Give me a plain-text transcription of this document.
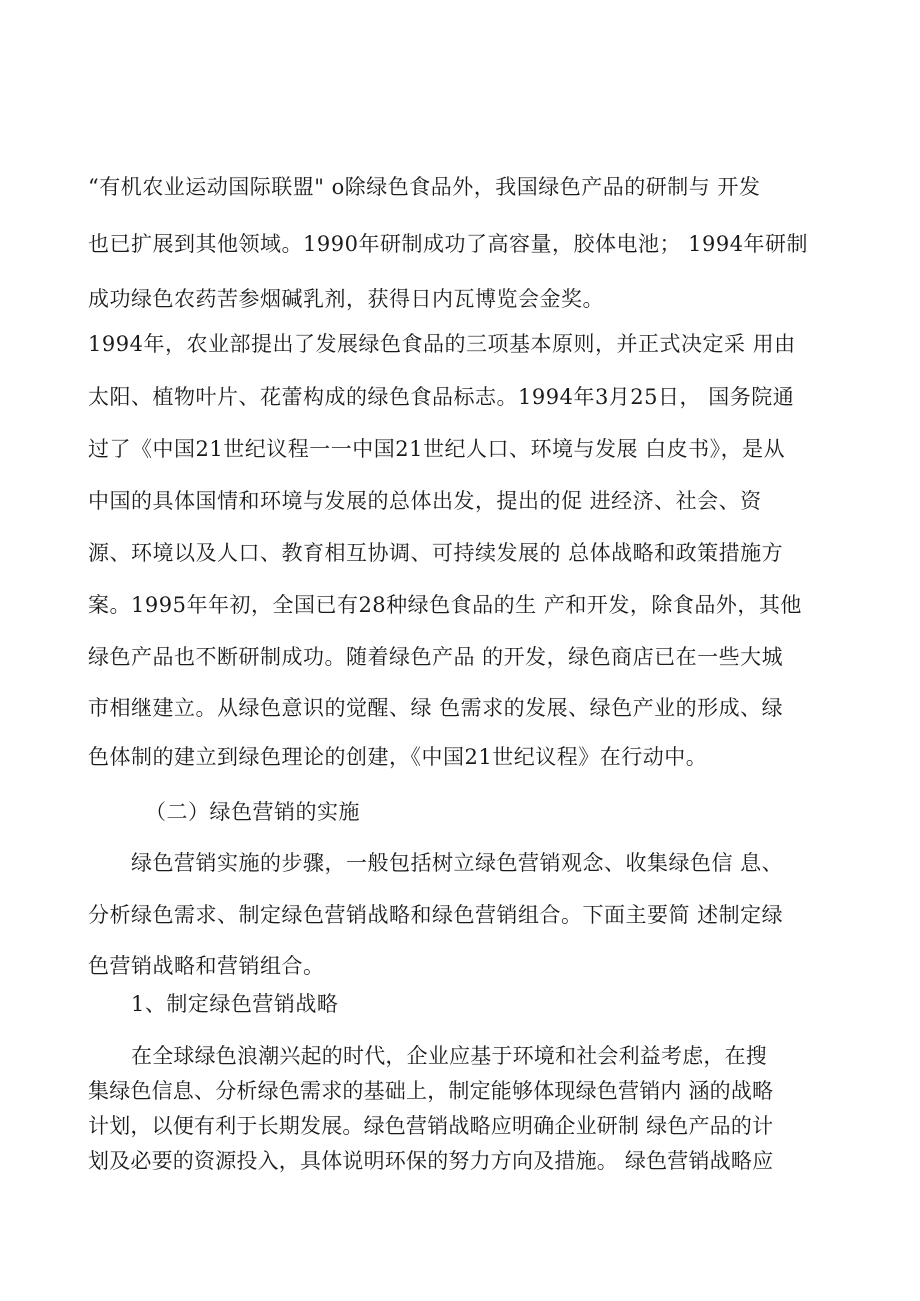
“有机农业运动国际联盟" o除绿色食品外，我国绿色产品的研制与 开发
也已扩展到其他领域。1990年研制成功了高容量，胶体电池； 1994年研制
成功绿色农药苦参烟碱乳剂，获得日内瓦博览会金奖。
1994年，农业部提出了发展绿色食品的三项基本原则，并正式决定采 用由
太阳、植物叶片、花蕾构成的绿色食品标志。1994年3月25日， 国务院通
过了《中国21世纪议程一一中国21世纪人口、环境与发展 白皮书》，是从
中国的具体国情和环境与发展的总体出发，提出的促 进经济、社会、资
源、环境以及人口、教育相互协调、可持续发展的 总体战略和政策措施方
案。1995年年初，全国已有28种绿色食品的生 产和开发，除食品外，其他
绿色产品也不断研制成功。随着绿色产品 的开发，绿色商店已在一些大城
市相继建立。从绿色意识的觉醒、绿 色需求的发展、绿色产业的形成、绿
色体制的建立到绿色理论的创建，《中国21世纪议程》在行动中。
（二）绿色营销的实施
绿色营销实施的步骤，一般包括树立绿色营销观念、收集绿色信 息、
分析绿色需求、制定绿色营销战略和绿色营销组合。下面主要简 述制定绿
色营销战略和营销组合。
1、制定绿色营销战略
在全球绿色浪潮兴起的时代，企业应基于环境和社会利益考虑，在搜
集绿色信息、分析绿色需求的基础上，制定能够体现绿色营销内 涵的战略
计划，以便有利于长期发展。绿色营销战略应明确企业研制 绿色产品的计
划及必要的资源投入，具体说明环保的努力方向及措施。 绿色营销战略应
